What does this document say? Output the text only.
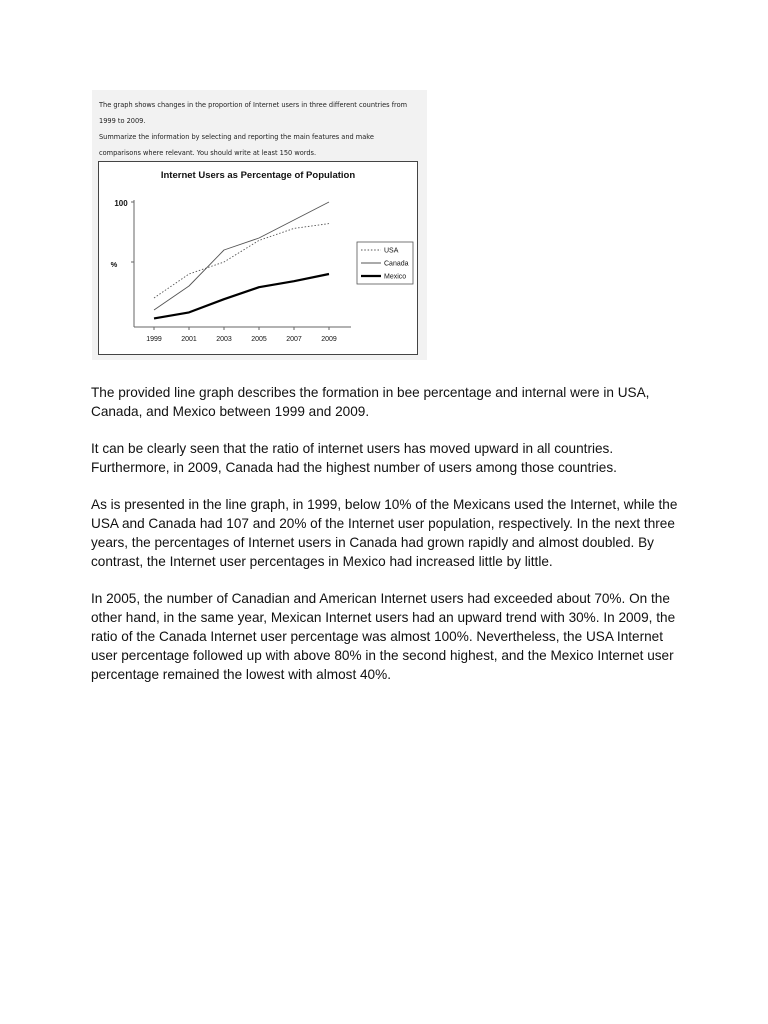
The graph shows changes in the proportion of Internet users in three different countries from

1999 to 2009.

Summarize the information by selecting and reporting the main features and make

comparisons where relevant. You should write at least 150 words.

Internet Users as Percentage of Population
100
%
1999	2001	2003	2005	2007	2009
USA
Canada
Mexico

The provided line graph describes the formation in bee percentage and internal were in USA, Canada, and Mexico between 1999 and 2009.

It can be clearly seen that the ratio of internet users has moved upward in all countries. Furthermore, in 2009, Canada had the highest number of users among those countries.

As is presented in the line graph, in 1999, below 10% of the Mexicans used the Internet, while the USA and Canada had 107 and 20% of the Internet user population, respectively. In the next three years, the percentages of Internet users in Canada had grown rapidly and almost doubled. By contrast, the Internet user percentages in Mexico had increased little by little.

In 2005, the number of Canadian and American Internet users had exceeded about 70%. On the other hand, in the same year, Mexican Internet users had an upward trend with 30%. In 2009, the ratio of the Canada Internet user percentage was almost 100%. Nevertheless, the USA Internet user percentage followed up with above 80% in the second highest, and the Mexico Internet user percentage remained the lowest with almost 40%.
